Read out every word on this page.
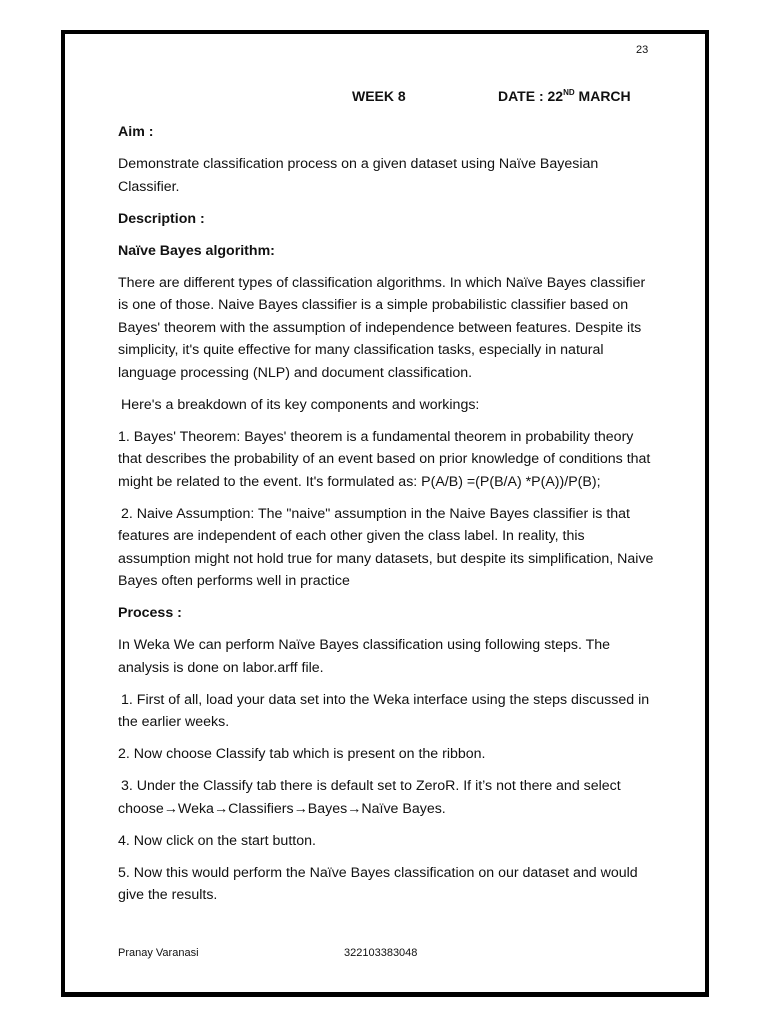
23
WEEK 8	DATE : 22ND MARCH

Aim :

Demonstrate classification process on a given dataset using Naïve Bayesian Classifier.

Description :

Naïve Bayes algorithm:

There are different types of classification algorithms. In which Naïve Bayes classifier is one of those. Naive Bayes classifier is a simple probabilistic classifier based on Bayes' theorem with the assumption of independence between features. Despite its simplicity, it's quite effective for many classification tasks, especially in natural language processing (NLP) and document classification.

Here's a breakdown of its key components and workings:

1. Bayes' Theorem: Bayes' theorem is a fundamental theorem in probability theory that describes the probability of an event based on prior knowledge of conditions that might be related to the event. It's formulated as: P(A/B) =(P(B/A) *P(A))/P(B);

2. Naive Assumption: The "naive" assumption in the Naive Bayes classifier is that features are independent of each other given the class label. In reality, this assumption might not hold true for many datasets, but despite its simplification, Naive Bayes often performs well in practice

Process :

In Weka We can perform Naïve Bayes classification using following steps. The analysis is done on labor.arff file.

1. First of all, load your data set into the Weka interface using the steps discussed in the earlier weeks.

2. Now choose Classify tab which is present on the ribbon.

3. Under the Classify tab there is default set to ZeroR. If it’s not there and select choose→Weka→Classifiers→Bayes→Naïve Bayes.

4. Now click on the start button.

5. Now this would perform the Naïve Bayes classification on our dataset and would give the results.

Pranay Varanasi	322103383048
